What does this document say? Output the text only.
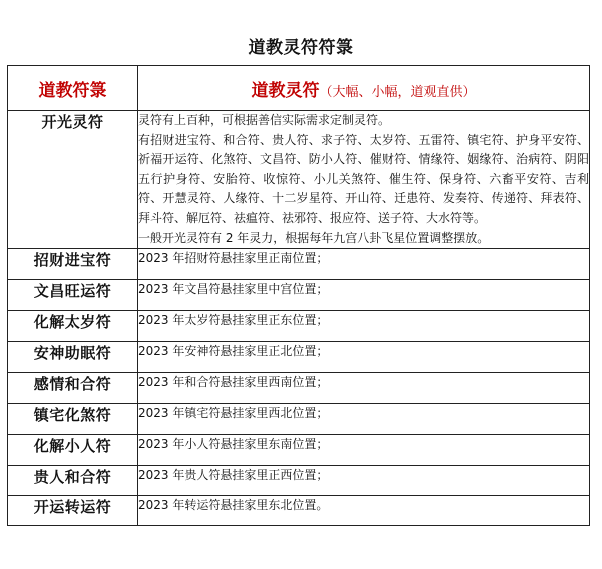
道教灵符符箓
道教符箓	道教灵符（大幅、小幅，道观直供）
开光灵符	灵符有上百种，可根据善信实际需求定制灵符。

有招财进宝符、和合符、贵人符、求子符、太岁符、五雷符、镇宅符、护身平安符、祈福开运符、化煞符、文昌符、防小人符、催财符、情缘符、姻缘符、治病符、阴阳五行护身符、安胎符、收惊符、小儿关煞符、催生符、保身符、六畜平安符、吉利符、开慧灵符、人缘符、十二岁星符、开山符、迁患符、发奏符、传递符、拜表符、拜斗符、解厄符、祛瘟符、祛邪符、报应符、送子符、大水符等。

一般开光灵符有 2 年灵力，根据每年九宫八卦飞星位置调整摆放。

招财进宝符	2023 年招财符悬挂家里正南位置；
文昌旺运符	2023 年文昌符悬挂家里中宫位置；
化解太岁符	2023 年太岁符悬挂家里正东位置；
安神助眠符	2023 年安神符悬挂家里正北位置；
感情和合符	2023 年和合符悬挂家里西南位置；
镇宅化煞符	2023 年镇宅符悬挂家里西北位置；
化解小人符	2023 年小人符悬挂家里东南位置；
贵人和合符	2023 年贵人符悬挂家里正西位置；
开运转运符	2023 年转运符悬挂家里东北位置。
